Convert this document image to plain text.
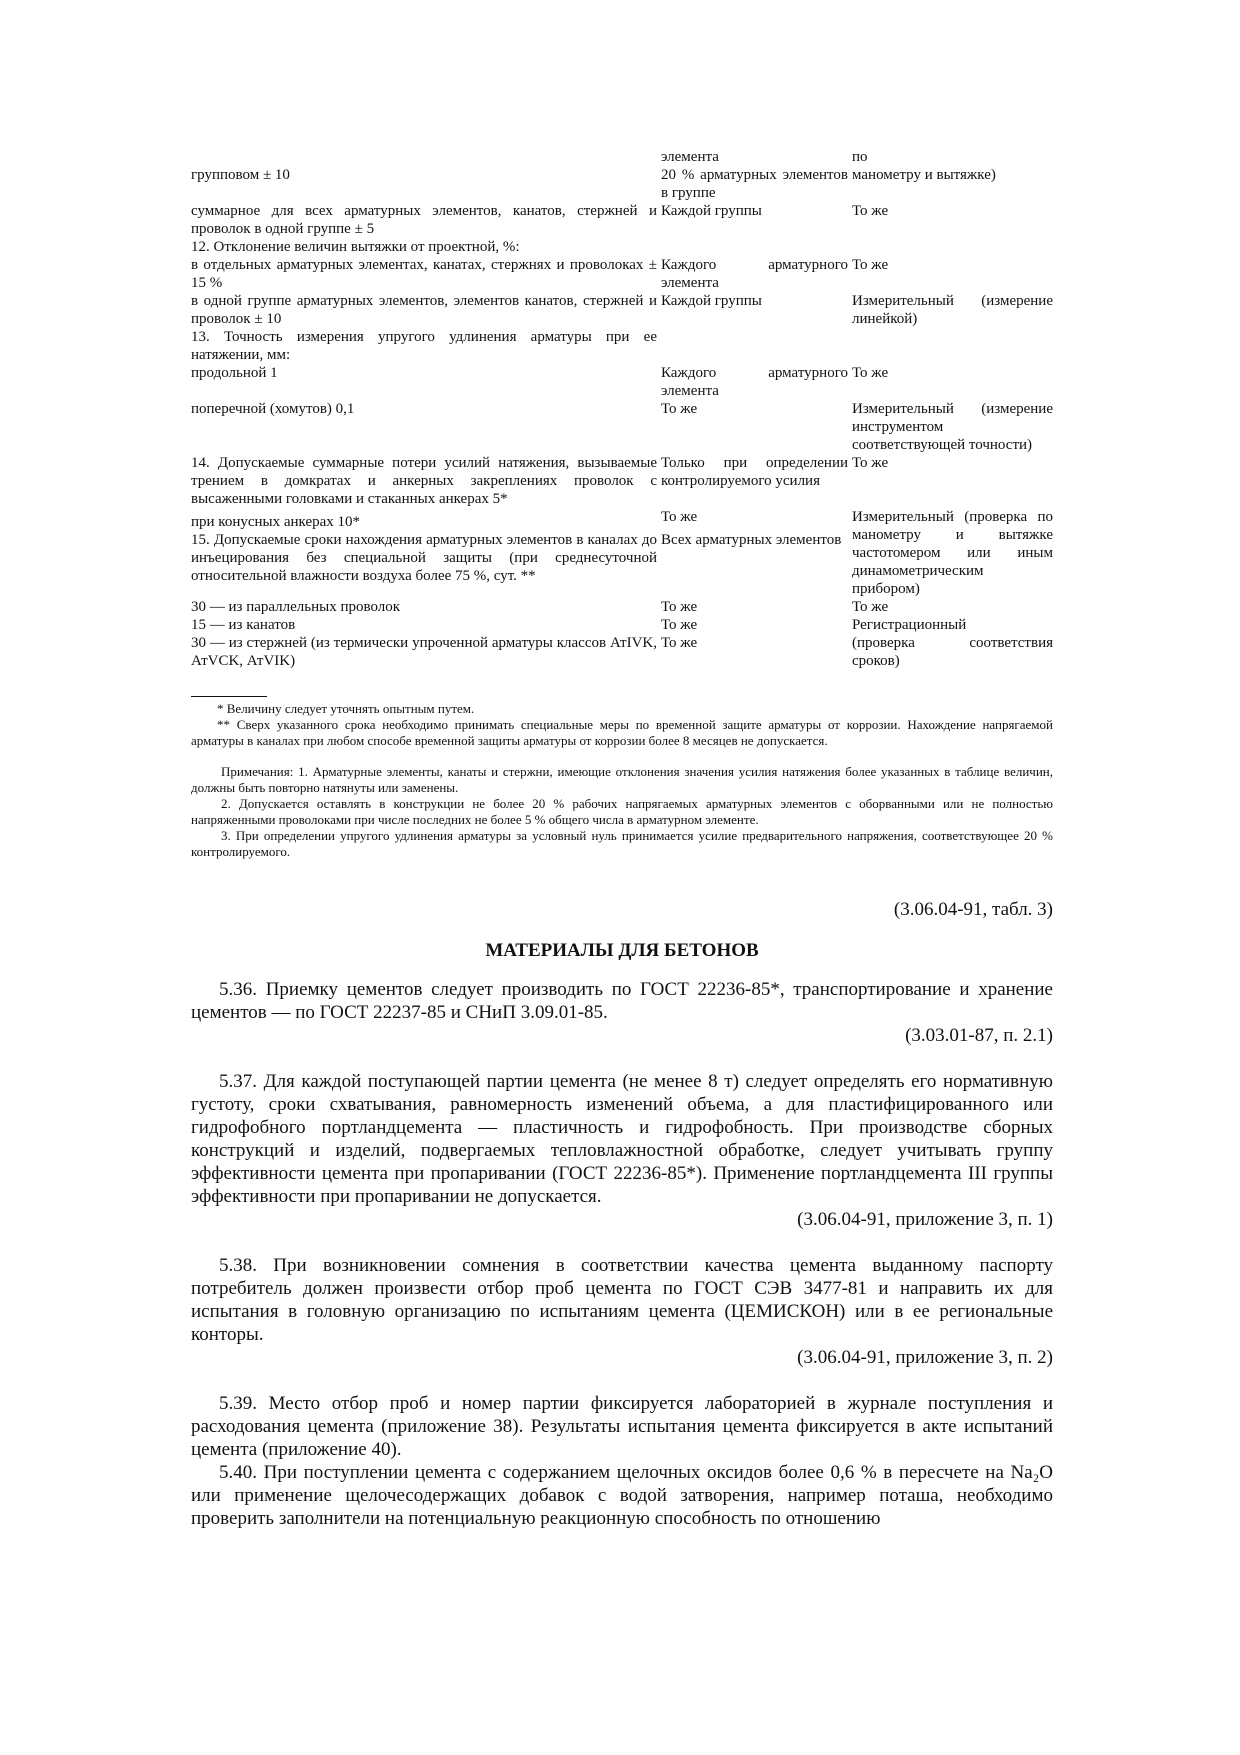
	элемента	по
групповом ± 10	20 % арматурных элементов в группе	манометру и вытяжке)
суммарное для всех арматурных элементов, канатов, стержней и проволок в одной группе ± 5	Каждой группы	То же
12. Отклонение величин вытяжки от проектной, %:		
в отдельных арматурных элементах, канатах, стержнях и проволоках ± 15 %	Каждого арматурного элемента	То же
в одной группе арматурных элементов, элементов канатов, стержней и проволок ± 10	Каждой группы	Измерительный (измерение линейкой)
13. Точность измерения упругого удлинения арматуры при ее натяжении, мм:		
продольной 1	Каждого арматурного элемента	То же
поперечной (хомутов) 0,1	То же	Измерительный (измерение инструментом соответствующей точности)
14. Допускаемые суммарные потери усилий натяжения, вызываемые трением в домкратах и анкерных закреплениях проволок с высаженными головками и стаканных анкерах 5*	Только при определении контролируемого усилия	То же
при конусных анкерах 10*	То же	Измерительный (проверка по манометру и вытяжке частотомером или иным динамометрическим прибором)
15. Допускаемые сроки нахождения арматурных элементов в каналах до инъецирования без специальной защиты (при среднесуточной относительной влажности воздуха более 75 %, сут. **	Всех арматурных элементов	
30 — из параллельных проволок	То же	То же
15 — из канатов	То же	Регистрационный
30 — из стержней (из термически упроченной арматуры классов АтIVK, АтVCK, АтVIK)	То же	(проверка соответствия сроков)

* Величину следует уточнять опытным путем.

** Сверх указанного срока необходимо принимать специальные меры по временной защите арматуры от коррозии. Нахождение напрягаемой арматуры в каналах при любом способе временной защиты арматуры от коррозии более 8 месяцев не допускается.

Примечания: 1. Арматурные элементы, канаты и стержни, имеющие отклонения значения усилия натяжения более указанных в таблице величин, должны быть повторно натянуты или заменены.

2. Допускается оставлять в конструкции не более 20 % рабочих напрягаемых арматурных элементов с оборванными или не полностью напряженными проволоками при числе последних не более 5 % общего числа в арматурном элементе.

3. При определении упругого удлинения арматуры за условный нуль принимается усилие предварительного напряжения, соответствующее 20 % контролируемого.

(3.06.04-91, табл. 3)

МАТЕРИАЛЫ ДЛЯ БЕТОНОВ

5.36. Приемку цементов следует производить по ГОСТ 22236-85*, транспортирование и хранение цементов — по ГОСТ 22237-85 и СНиП 3.09.01-85.

(3.03.01-87, п. 2.1)

5.37. Для каждой поступающей партии цемента (не менее 8 т) следует определять его нормативную густоту, сроки схватывания, равномерность изменений объема, а для пластифицированного или гидрофобного портландцемента — пластичность и гидрофобность. При производстве сборных конструкций и изделий, подвергаемых тепловлажностной обработке, следует учитывать группу эффективности цемента при пропаривании (ГОСТ 22236-85*). Применение портландцемента III группы эффективности при пропаривании не допускается.

(3.06.04-91, приложение 3, п. 1)

5.38. При возникновении сомнения в соответствии качества цемента выданному паспорту потребитель должен произвести отбор проб цемента по ГОСТ СЭВ 3477-81 и направить их для испытания в головную организацию по испытаниям цемента (ЦЕМИСКОН) или в ее региональные конторы.

(3.06.04-91, приложение 3, п. 2)

5.39. Место отбор проб и номер партии фиксируется лабораторией в журнале поступления и расходования цемента (приложение 38). Результаты испытания цемента фиксируется в акте испытаний цемента (приложение 40).

5.40. При поступлении цемента с содержанием щелочных оксидов более 0,6 % в пересчете на Na₂O или применение щелочесодержащих добавок с водой затворения, например поташа, необходимо проверить заполнители на потенциальную реакционную способность по отношению
